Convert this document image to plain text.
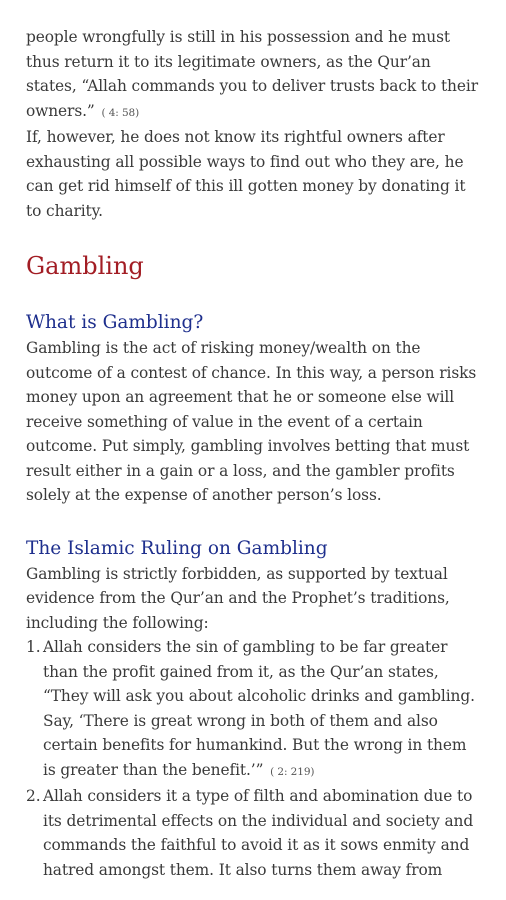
people wrongfully is still in his possession and he must thus return it to its legitimate owners, as the Qur’an states, “Allah commands you to deliver trusts back to their owners.” ( 4: 58)

If, however, he does not know its rightful owners after exhausting all possible ways to find out who they are, he can get rid himself of this ill gotten money by donating it to charity.

Gambling
What is Gambling?

Gambling is the act of risking money/wealth on the outcome of a contest of chance. In this way, a person risks money upon an agreement that he or someone else will receive something of value in the event of a certain outcome. Put simply, gambling involves betting that must result either in a gain or a loss, and the gambler profits solely at the expense of another person’s loss.

The Islamic Ruling on Gambling

Gambling is strictly forbidden, as supported by textual evidence from the Qur’an and the Prophet’s traditions, including the following:

1. Allah considers the sin of gambling to be far greater than the profit gained from it, as the Qur’an states, “They will ask you about alcoholic drinks and gambling. Say, ‘There is great wrong in both of them and also certain benefits for humankind. But the wrong in them is greater than the benefit.’” ( 2: 219)
2. Allah considers it a type of filth and abomination due to its detrimental effects on the individual and society and commands the faithful to avoid it as it sows enmity and hatred amongst them. It also turns them away from
